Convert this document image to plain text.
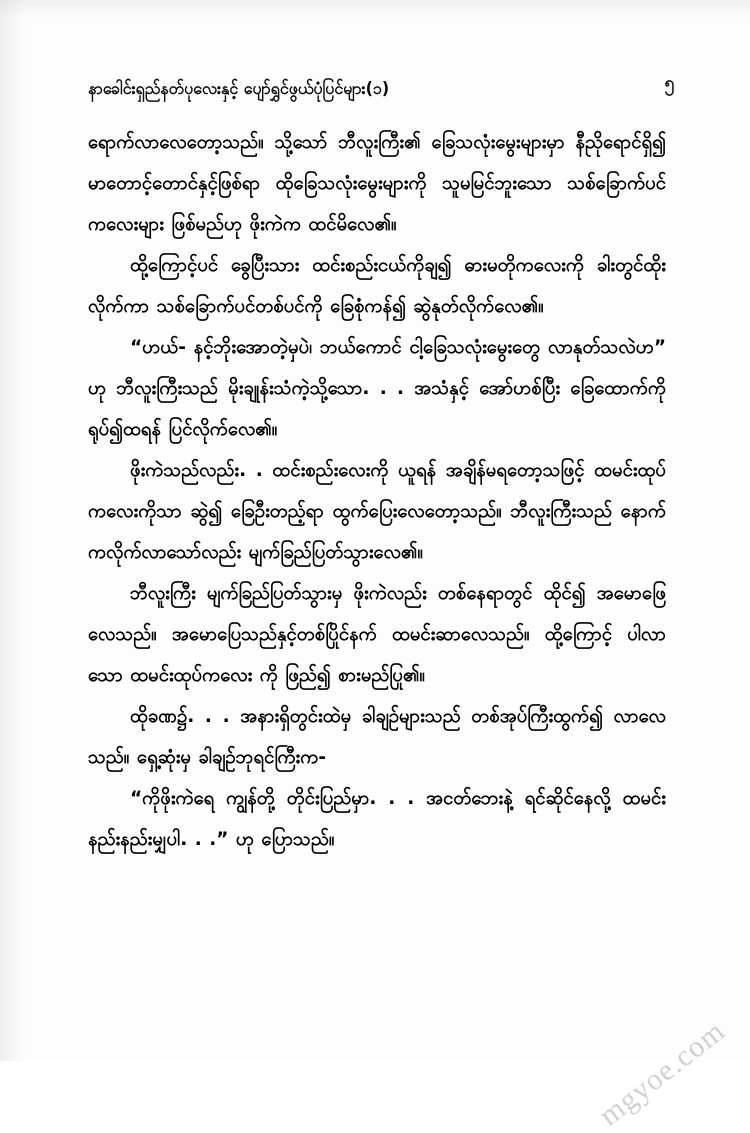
နာခေါင်းရှည်နတ်ပုလေးနှင့် ပျော်ရွှင်ဖွယ်ပုံပြင်များ(၁)	၅

ရောက်လာလေတော့သည်။ သို့သော် ဘီလူးကြီး၏ ခြေသလုံးမွေးများမှာ နီညိုရောင်ရှိ၍ မာတောင့်တောင်နှင့်ဖြစ်ရာ ထိုခြေသလုံးမွေးများကို သူမမြင်ဘူးသော သစ်ခြောက်ပင်ကလေးများ ဖြစ်မည်ဟု ဖိုးကဲက ထင်မိလေ၏။

ထို့ကြောင့်ပင် ခွေပြီးသား ထင်းစည်းငယ်ကိုချ၍ ဓားမတိုကလေးကို ခါးတွင်ထိုးလိုက်ကာ သစ်ခြောက်ပင်တစ်ပင်ကို ခြေစုံကန်၍ ဆွဲနုတ်လိုက်လေ၏။

“ဟယ်- နင့်ဘိုးအောတဲ့မှပဲ၊ ဘယ်ကောင် ငါ့ခြေသလုံးမွေးတွေ လာနုတ်သလဲဟ” ဟု ဘီလူးကြီးသည် မိုးချုန်းသံကဲ့သို့သော. . . အသံနှင့် အော်ဟစ်ပြီး ခြေထောက်ကို ရုပ်၍ထရန် ပြင်လိုက်လေ၏။

ဖိုးကဲသည်လည်း. . ထင်းစည်းလေးကို ယူရန် အချိန်မရတော့သဖြင့် ထမင်းထုပ်ကလေးကိုသာ ဆွဲ၍ ခြေဦးတည့်ရာ ထွက်ပြေးလေတော့သည်။ ဘီလူးကြီးသည် နောက်ကလိုက်လာသော်လည်း မျက်ခြည်ပြတ်သွားလေ၏။

ဘီလူးကြီး မျက်ခြည်ပြတ်သွားမှ ဖိုးကဲလည်း တစ်နေရာတွင် ထိုင်၍ အမောဖြေလေသည်။ အမောပြေသည်နှင့်တစ်ပြိုင်နက် ထမင်းဆာလေသည်။ ထို့ကြောင့် ပါလာသော ထမင်းထုပ်ကလေး ကို ဖြည်၍ စားမည်ပြု၏။

ထိုခဏ၌. . . အနားရှိတွင်းထဲမှ ခါချဉ်များသည် တစ်အုပ်ကြီးထွက်၍ လာလေသည်။ ရှေ့ဆုံးမှ ခါချဉ်ဘုရင်ကြီးက-

“ကိုဖိုးကဲရေ ကျွန်တို့ တိုင်းပြည်မှာ. . . အငတ်ဘေးနဲ့ ရင်ဆိုင်နေလို့ ထမင်းနည်းနည်းမျှပါ. . .” ဟု ပြောသည်။

mgyoe.com
